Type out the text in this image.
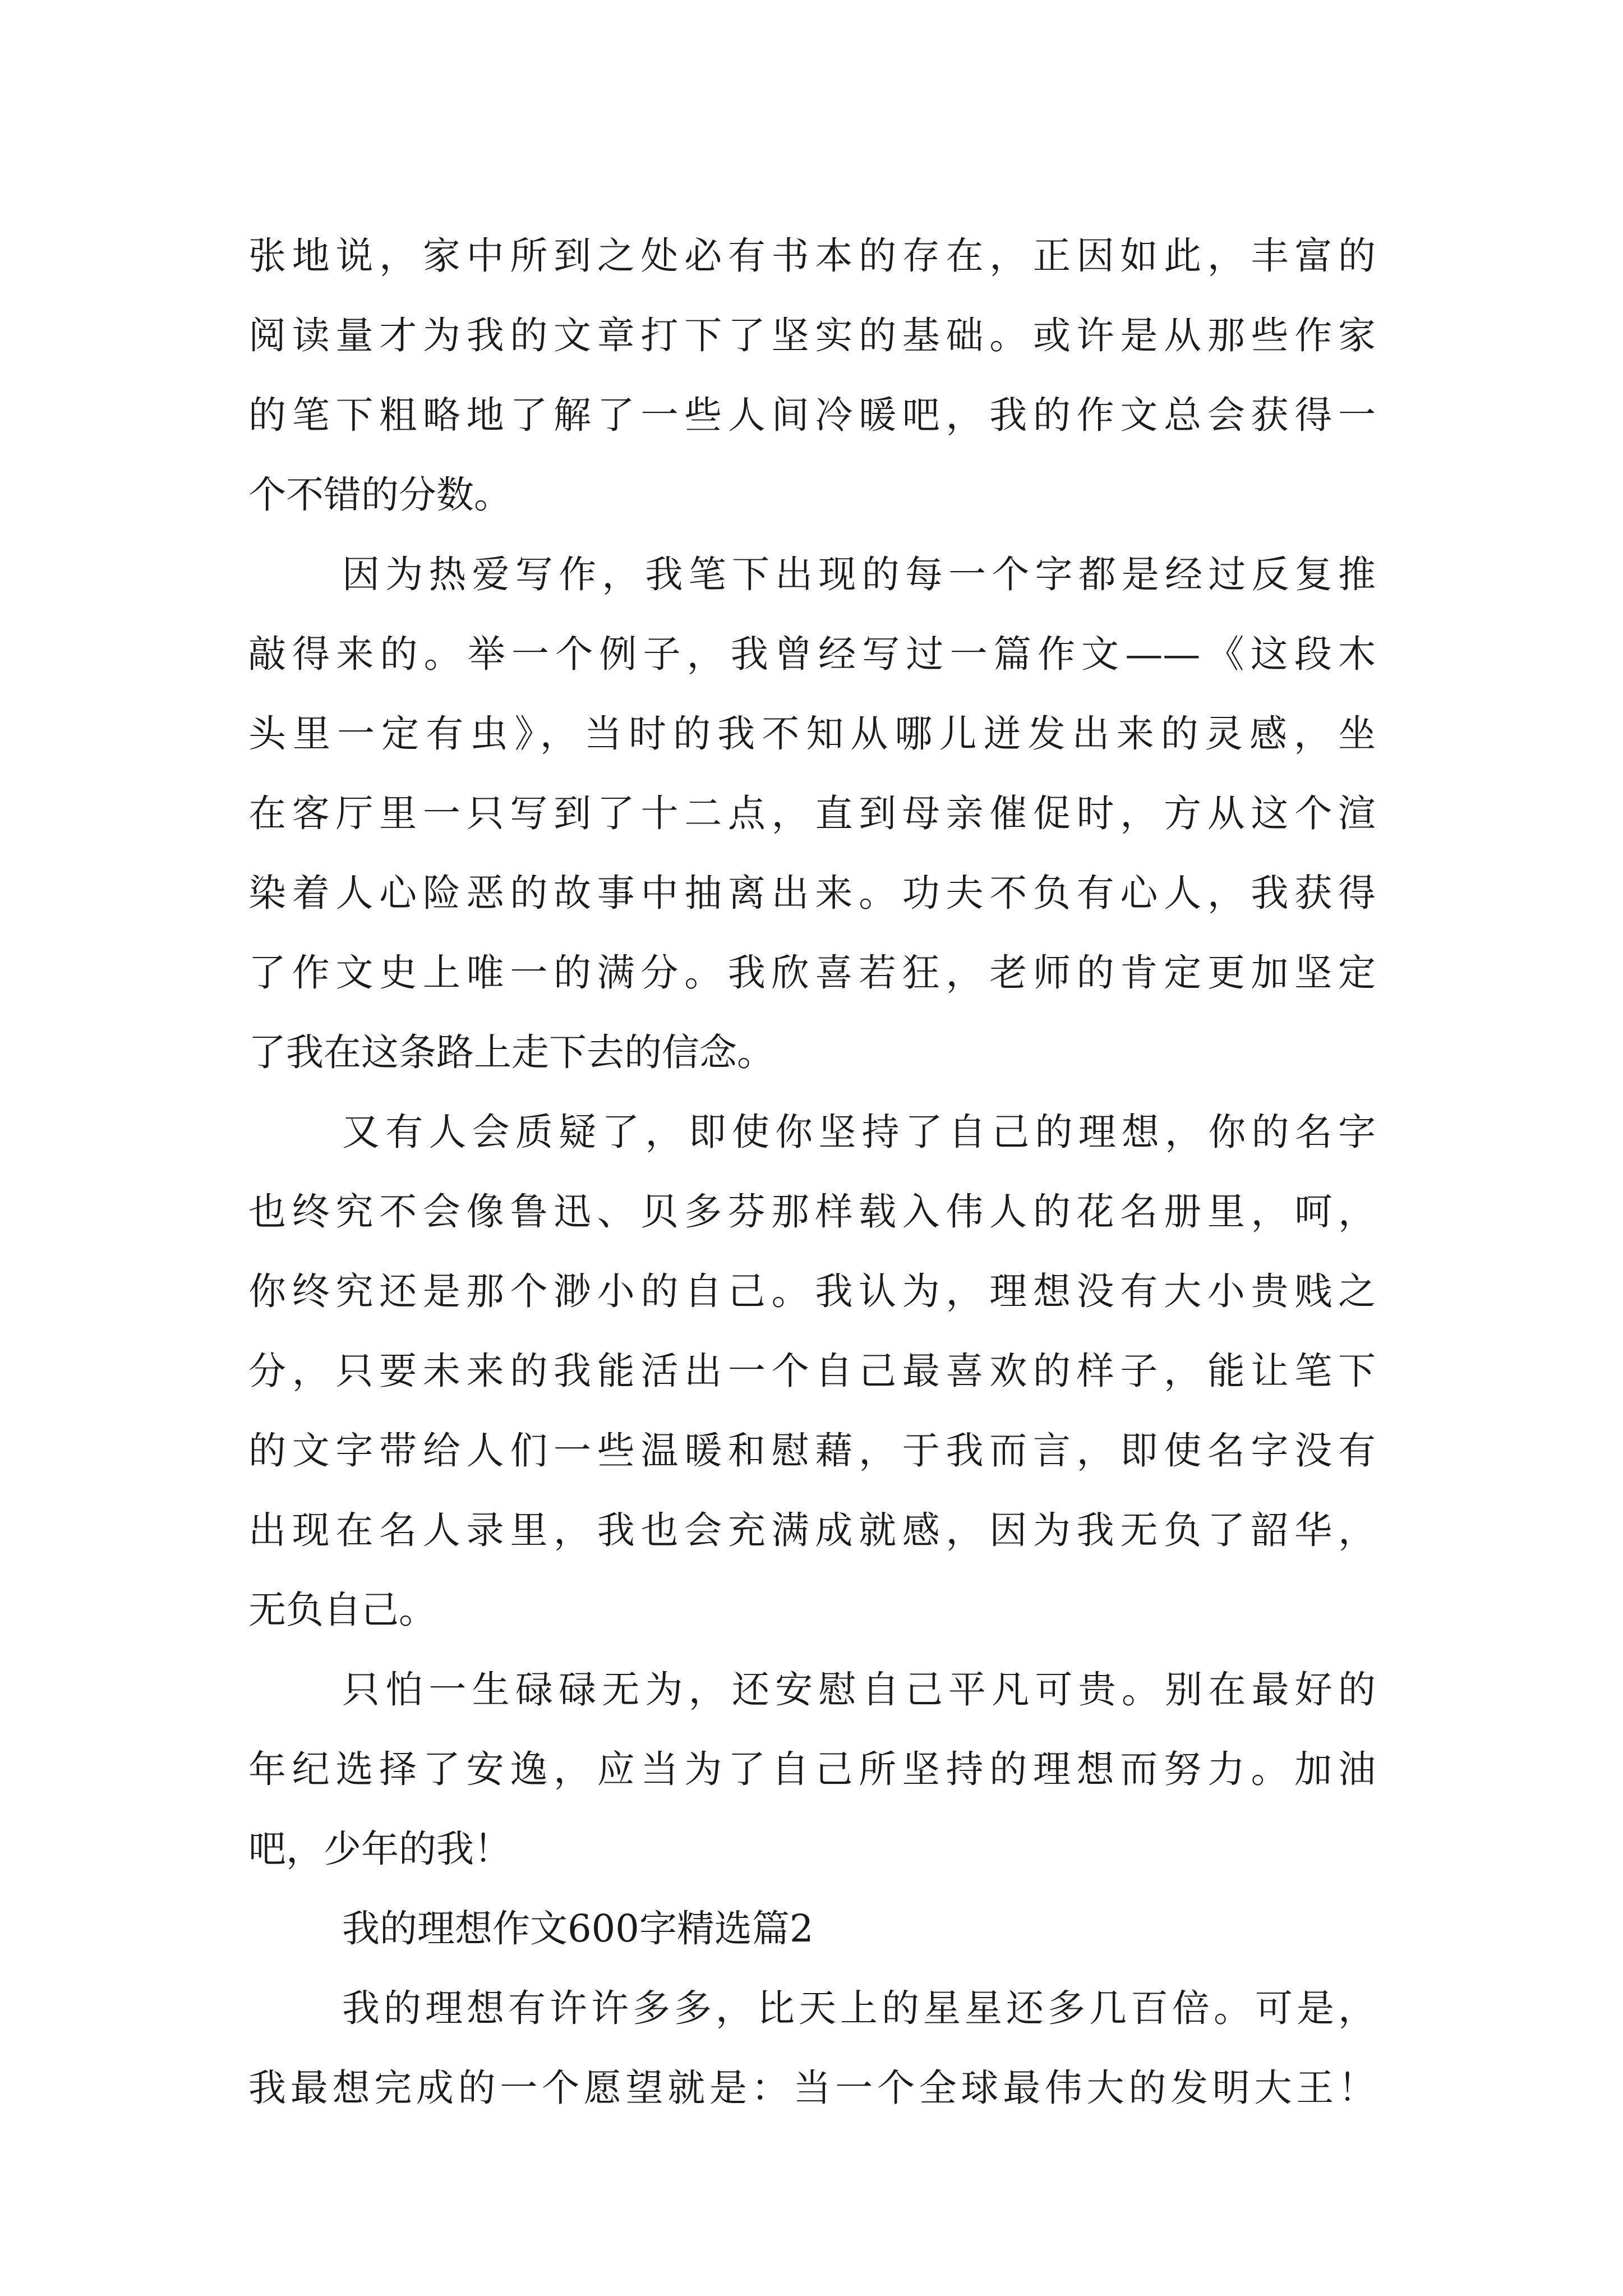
张地说，家中所到之处必有书本的存在，正因如此，丰富的
阅读量才为我的文章打下了坚实的基础。或许是从那些作家
的笔下粗略地了解了一些人间冷暖吧，我的作文总会获得一
个不错的分数。
因为热爱写作，我笔下出现的每一个字都是经过反复推
敲得来的。举一个例子，我曾经写过一篇作文——《这段木
头里一定有虫》，当时的我不知从哪儿迸发出来的灵感，坐
在客厅里一只写到了十二点，直到母亲催促时，方从这个渲
染着人心险恶的故事中抽离出来。功夫不负有心人，我获得
了作文史上唯一的满分。我欣喜若狂，老师的肯定更加坚定
了我在这条路上走下去的信念。
又有人会质疑了，即使你坚持了自己的理想，你的名字
也终究不会像鲁迅、贝多芬那样载入伟人的花名册里，呵，
你终究还是那个渺小的自己。我认为，理想没有大小贵贱之
分，只要未来的我能活出一个自己最喜欢的样子，能让笔下
的文字带给人们一些温暖和慰藉，于我而言，即使名字没有
出现在名人录里，我也会充满成就感，因为我无负了韶华，
无负自己。
只怕一生碌碌无为，还安慰自己平凡可贵。别在最好的
年纪选择了安逸，应当为了自己所坚持的理想而努力。加油
吧，少年的我！
我的理想作文600字精选篇2
我的理想有许许多多，比天上的星星还多几百倍。可是，
我最想完成的一个愿望就是：当一个全球最伟大的发明大王！
